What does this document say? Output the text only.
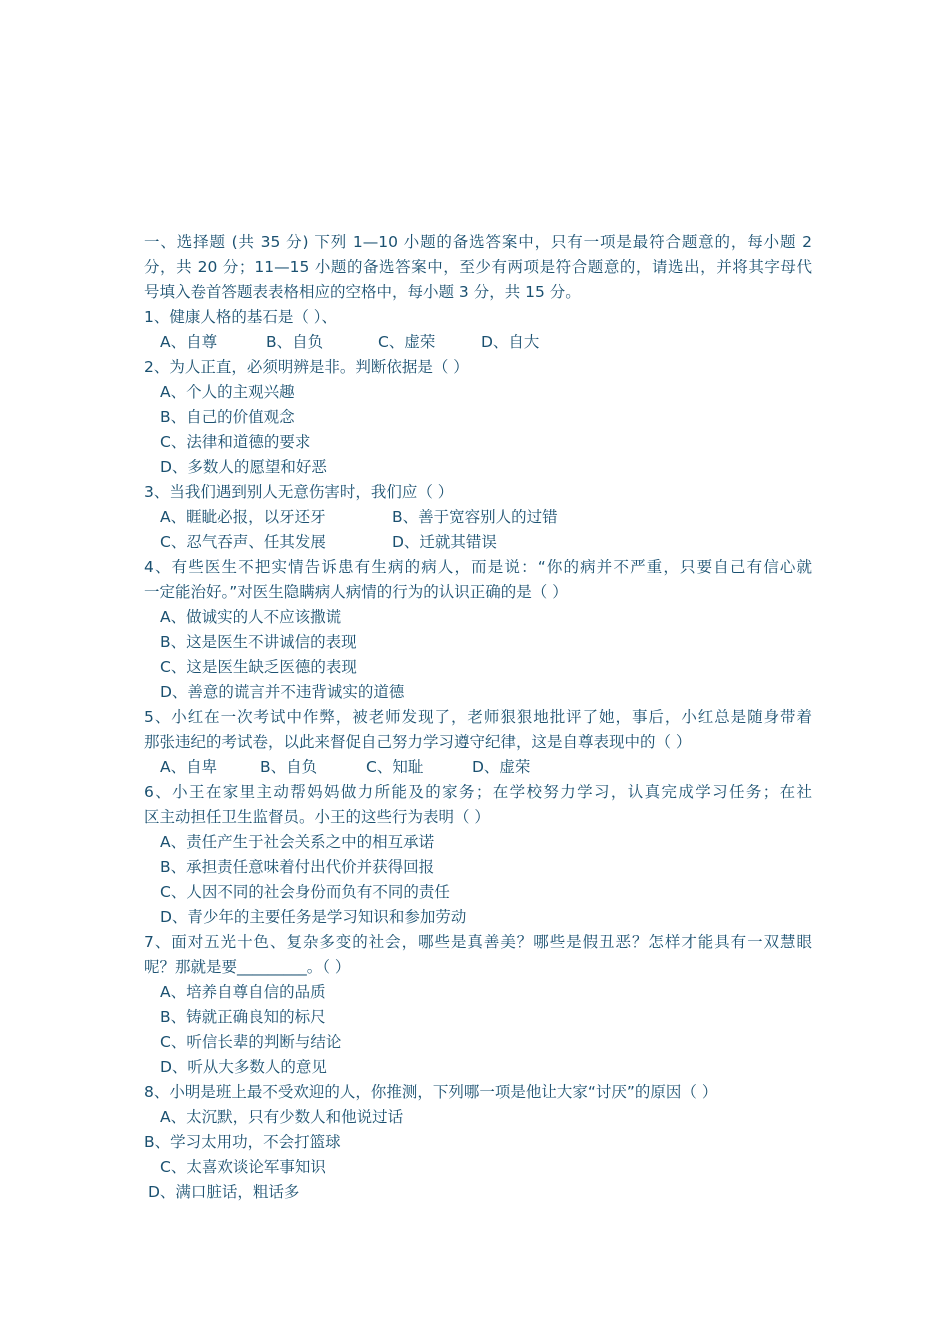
一、选择题 (共 35 分) 下列 1—10 小题的备选答案中，只有一项是最符合题意的，每小题 2
分，共 20 分；11—15 小题的备选答案中，至少有两项是符合题意的，请选出，并将其字母代
号填入卷首答题表表格相应的空格中，每小题 3 分，共 15 分。
1、健康人格的基石是（ ）、
A、自尊	B、自负	C、虚荣	D、自大
2、为人正直，必须明辨是非。判断依据是（ ）
A、个人的主观兴趣
B、自己的价值观念
C、法律和道德的要求
D、多数人的愿望和好恶
3、当我们遇到别人无意伤害时，我们应（ ）
A、睚眦必报，以牙还牙	B、善于宽容别人的过错
C、忍气吞声、任其发展	D、迁就其错误
4、有些医生不把实情告诉患有生病的病人，而是说：“你的病并不严重，只要自己有信心就
一定能治好。”对医生隐瞒病人病情的行为的认识正确的是（ ）
A、做诚实的人不应该撒谎
B、这是医生不讲诚信的表现
C、这是医生缺乏医德的表现
D、善意的谎言并不违背诚实的道德
5、小红在一次考试中作弊，被老师发现了，老师狠狠地批评了她，事后，小红总是随身带着
那张违纪的考试卷，以此来督促自己努力学习遵守纪律，这是自尊表现中的（ ）
A、自卑	B、自负	C、知耻	D、虚荣
6、小王在家里主动帮妈妈做力所能及的家务；在学校努力学习，认真完成学习任务；在社
区主动担任卫生监督员。小王的这些行为表明（ ）
A、责任产生于社会关系之中的相互承诺
B、承担责任意味着付出代价并获得回报
C、人因不同的社会身份而负有不同的责任
D、青少年的主要任务是学习知识和参加劳动
7、面对五光十色、复杂多变的社会，哪些是真善美？哪些是假丑恶？怎样才能具有一双慧眼
呢？那就是要_________。（ ）
A、培养自尊自信的品质
B、铸就正确良知的标尺
C、听信长辈的判断与结论
D、听从大多数人的意见
8、小明是班上最不受欢迎的人，你推测，下列哪一项是他让大家“讨厌”的原因（ ）
A、太沉默，只有少数人和他说过话
B、学习太用功，不会打篮球
C、太喜欢谈论军事知识
D、满口脏话，粗话多
